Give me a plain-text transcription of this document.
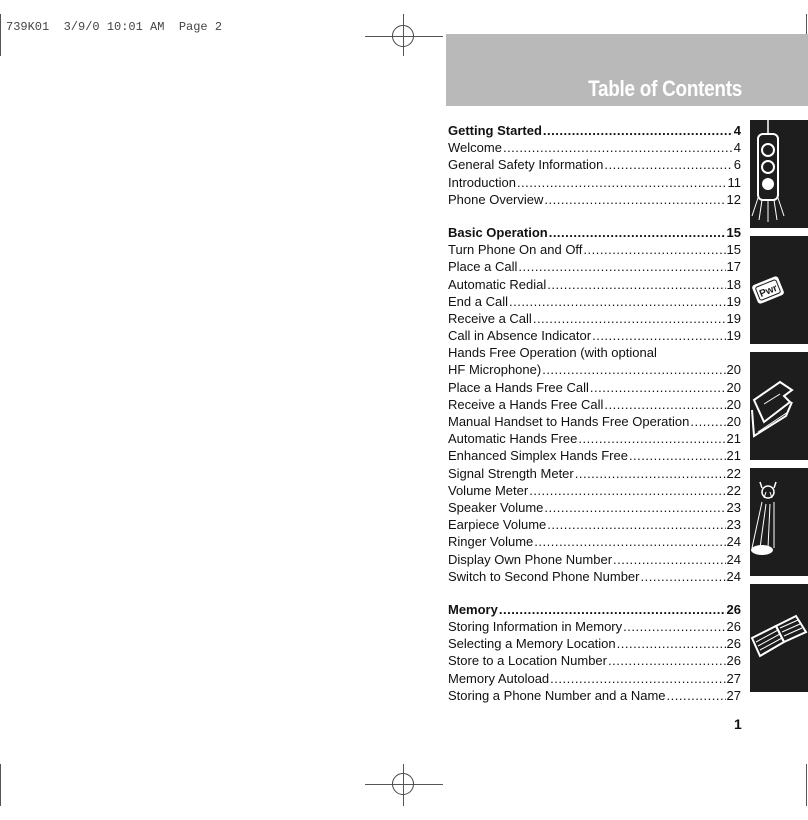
739K01  3/9/0 10:01 AM  Page 2
Table of Contents
Getting Started .....	4
Welcome .....	4
General Safety Information .....	6
Introduction .....	11
Phone Overview .....	12
Basic Operation .....	15
Turn Phone On and Off .....	15
Place a Call .....	17
Automatic Redial .....	18
End a Call .....	19
Receive a Call .....	19
Call in Absence Indicator .....	19
Hands Free Operation (with optional
HF Microphone) .....	20
Place a Hands Free Call .....	20
Receive a Hands Free Call .....	20
Manual Handset to Hands Free Operation .....	20
Automatic Hands Free .....	21
Enhanced Simplex Hands Free .....	21
Signal Strength Meter .....	22
Volume Meter .....	22
Speaker Volume .....	23
Earpiece Volume .....	23
Ringer Volume .....	24
Display Own Phone Number .....	24
Switch to Second Phone Number .....	24
Memory .....	26
Storing Information in Memory .....	26
Selecting a Memory Location .....	26
Store to a Location Number .....	26
Memory Autoload .....	27
Storing a Phone Number and a Name .....	27
Pwr
1
